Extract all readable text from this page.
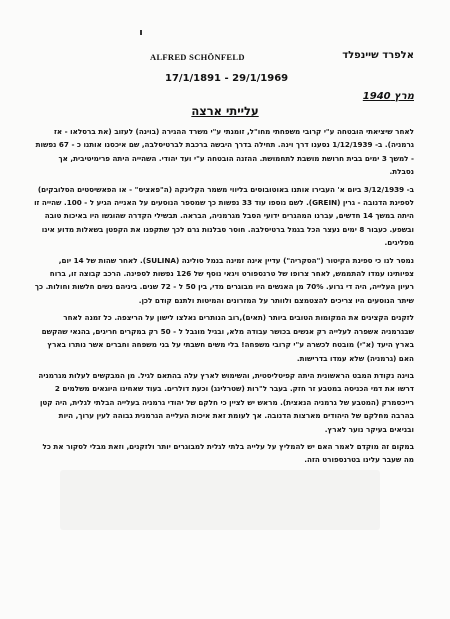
ALFRED SCHÖNFELD	אלפרד שיינפלד
17/1/1891 - 29/1/1969
מרץ 1940
עלייתי ארצה

לאחר שיציאתי הובטחה ע"י קרובי משפחתי מחו"ל, זומנתי ע"י משרד ההגירה (בוינה) לעזוב (את ברסלאו - אז גרמניה). ב- 1/12/1939 נסענו דרך וינה. תחילה בדרך היבשה ברכבת לברטיסלבה, שם איכסנו אותנו כ - 67 נפשות - למשך 3 ימים בבית חרושת מושבת לתחמושת. ההזנה הובטחה ע"י ועד יהודי. השהייה היתה פרימיטיבית, אך נסבלת.

ב- 3/12/1939 ביום א' העבירו אותנו באוטובוסים בליווי משמר הקלינקה (ה"פאציס" - או הפאשיסטים הסלובקים) לספינת הדנובה - גרין (GREIN). לשם נוספו עוד 33 נפשות כך שמספר הנוסעים על האנייה הגיע ל - 100. שהייה זו היתה במשך 14 חדשים, עברנו המהגרים ידועי הסבל מגרמניה, הבראה. תבשילי הקדרה שהוגשו היו באיכות טובה ובשפע. כעבור 8 ימים נעצר הכל בגמל ברטיסלבה. חוסר סבלנות גרם לכך שתקפנו את הקפטן בשאלות מדוע אינו מפליגים.

נמסר לנו כי ספינת הקיטור ("הסקריה") עדיין אינה זמינה בנמל סולינה (SULINA). לאחר שהות של 14 יום, צפיותינו עמדו להתממש, לאחר צרופו של טרנספורט ויגאי נוסף של 126 נפשות לספינה. הרכב קבוצה זו, ברוח רעיון העלייה, היה די גרוע. 70% מן האנשים היו מבוגרים מדי, בין 50 ל - 72 שנים. ביניהם נשים חלשות וחולות. כך שיתר הנוסעים היו צריכים להצטמצם ולוותר על המזרונים והמיטות ולתנם קודם לכן.

לזקנים הקצינים את המקומות הטובים ביותר (תאים),רוב הנותרים נאלצו לישון על הריצפה. כל זמנה לאחר שבגרמניה אשפרה לעלייה רק אנשים בכושר עבודה מלא, ובגיל מוגבל ל - 50 רק במקרים חריגים, בהנאי שהקשם בארץ היעד (א"י) מובטח לכשרה ע"י קרובי משפחה! בלי משים חשבתי על בני משפחה וחברים אשר נותרו בארץ האם (גרמניה) שלא עמדו בדרישות.

בוינה נקודת המבט הראשונית היתה קפיטליסטית, והשימוש לארץ עלה בהתאם לגיל. מן המבקשים לעלות מגרמניה דרשו את דמי הכניסה במטבע זר חזק. בעבר ל"רות (שטרלינג) וכעת דולרים. בעוד שאחינו היוגאים משלמים 2 רייכסמרק (המטבע של גרמניה הנאצית). מראש יש לציין כי חלקם של יהודי גרמניה בעלייה הבלתי לגלית, היה קטן בהרבה מחלקם של היהודים מארצות הדנובה. אך לעומת זאת איכות העלייה הגרמנית גבוהה לעין ערוך, היות ובניאים בעיקר נוער לארץ.

במקום זה מוקדם לאמר האם יש להמליץ על עלייה בלתי לגלית למבוגרים יותר ולזקנים, וזאת מבלי לסקור את כל מה שעבר עלינו בטרנספורט הזה.
